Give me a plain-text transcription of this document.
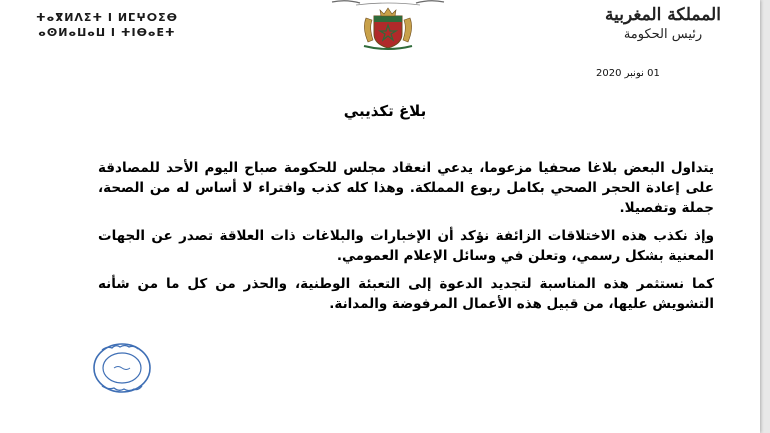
ⵜⴰⴳⵍⴷⵉⵜ ⵏ ⵍⵎⵖⵔⵉⴱ
ⴰⵙⵍⴰⵡⴰⵡ ⵏ ⵜⵏⴱⴰⴹⵜ
المملكة المغربية
رئيس الحكومة
01 نونبر 2020
بلاغ تكذيبي

يتداول البعض بلاغا صحفيا مزعوما، يدعي انعقاد مجلس للحكومة صباح اليوم الأحد للمصادقة على إعادة الحجر الصحي بكامل ربوع المملكة. وهذا كله كذب وافتراء لا أساس له من الصحة، جملة وتفصيلا.

وإذ نكذب هذه الاختلاقات الزائفة نؤكد أن الإخبارات والبلاغات ذات العلاقة تصدر عن الجهات المعنية بشكل رسمي، وتعلن في وسائل الإعلام العمومي.

كما نستثمر هذه المناسبة لتجديد الدعوة إلى التعبئة الوطنية، والحذر من كل ما من شأنه التشويش عليها، من قبيل هذه الأعمال المرفوضة والمدانة.
